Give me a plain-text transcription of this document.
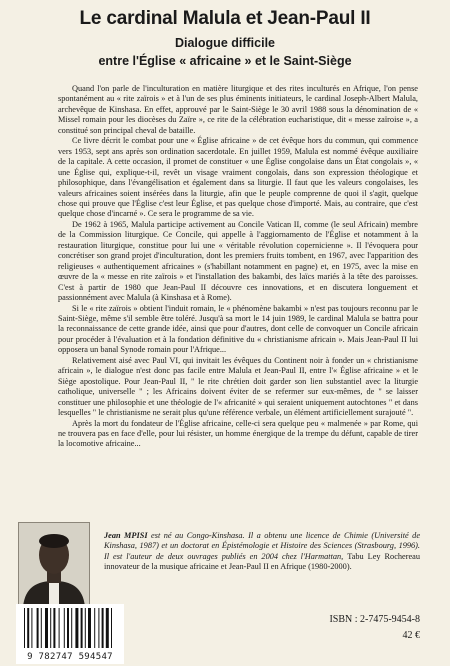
Le cardinal Malula et Jean-Paul II
Dialogue difficile
entre l'Église « africaine » et le Saint-Siège

Quand l'on parle de l'inculturation en matière liturgique et des rites inculturés en Afrique, l'on pense spontanément au « rite zaïrois » et à l'un de ses plus éminents initiateurs, le cardinal Joseph-Albert Malula, archevêque de Kinshasa. En effet, approuvé par le Saint-Siège le 30 avril 1988 sous la dénomination de « Missel romain pour les diocèses du Zaïre », ce rite de la célébration eucharistique, dit « messe zaïroise », a constitué son principal cheval de bataille.

Ce livre décrit le combat pour une « Église africaine » de cet évêque hors du commun, qui commence vers 1953, sept ans après son ordination sacerdotale. En juillet 1959, Malula est nommé évêque auxiliaire de la capitale. A cette occasion, il promet de constituer « une Église congolaise dans un État congolais », « une Église qui, explique-t-il, revêt un visage vraiment congolais, dans son expression théologique et philosophique, dans l'évangélisation et également dans sa liturgie. Il faut que les valeurs congolaises, les valeurs africaines soient insérées dans la liturgie, afin que le peuple comprenne de quoi il s'agit, quelque chose qui prouve que l'Église c'est leur Église, et pas quelque chose d'importé. Mais, au contraire, que c'est quelque chose d'incarné ». Ce sera le programme de sa vie.

De 1962 à 1965, Malula participe activement au Concile Vatican II, comme (le seul Africain) membre de la Commission liturgique. Ce Concile, qui appelle à l'aggiornamento de l'Église et notamment à la restauration liturgique, constitue pour lui une « véritable révolution copernicienne ». Il l'évoquera pour concrétiser son grand projet d'inculturation, dont les premiers fruits tombent, en 1967, avec l'apparition des religieuses « authentiquement africaines » (s'habillant notamment en pagne) et, en 1975, avec la mise en œuvre de la « messe en rite zaïrois » et l'installation des bakambi, des laïcs mariés à la tête des paroisses. C'est à partir de 1980 que Jean-Paul II découvre ces innovations, et en discutera longuement et passionnément avec Malula (à Kinshasa et à Rome).

Si le « rite zaïrois » obtient l'induit romain, le « phénomène bakambi » n'est pas toujours reconnu par le Saint-Siège, même s'il semble être toléré. Jusqu'à sa mort le 14 juin 1989, le cardinal Malula se battra pour la reconnaissance de cette grande idée, ainsi que pour d'autres, dont celle de convoquer un Concile africain pour procéder à l'évaluation et à la fondation définitive du « christianisme africain ». Mais Jean-Paul II lui opposera un banal Synode romain pour l'Afrique...

Relativement aisé avec Paul VI, qui invitait les évêques du Continent noir à fonder un « christianisme africain », le dialogue n'est donc pas facile entre Malula et Jean-Paul II, entre l'« Église africaine » et le Siège apostolique. Pour Jean-Paul II, " le rite chrétien doit garder son lien substantiel avec la liturgie catholique, universelle " ; les Africains doivent éviter de se refermer sur eux-mêmes, de " se laisser constituer une philosophie et une théologie de l'« africanité » qui seraient uniquement autochtones " et dans lesquelles " le christianisme ne serait plus qu'une référence verbale, un élément artificiellement surajouté ".

Après la mort du fondateur de l'Église africaine, celle-ci sera quelque peu « malmenée » par Rome, qui ne trouvera pas en face d'elle, pour lui résister, un homme énergique de la trempe du défunt, capable de tirer la locomotive africaine...

Jean MPISI est né au Congo-Kinshasa. Il a obtenu une licence de Chimie (Université de Kinshasa, 1987) et un doctorat en Épistémologie et Histoire des Sciences (Strasbourg, 1996). Il est l'auteur de deux ouvrages publiés en 2004 chez l'Harmattan, Tabu Ley Rochereau innovateur de la musique africaine et Jean-Paul II en Afrique (1980-2000).
9 782747 594547
ISBN : 2-7475-9454-8
42 €
